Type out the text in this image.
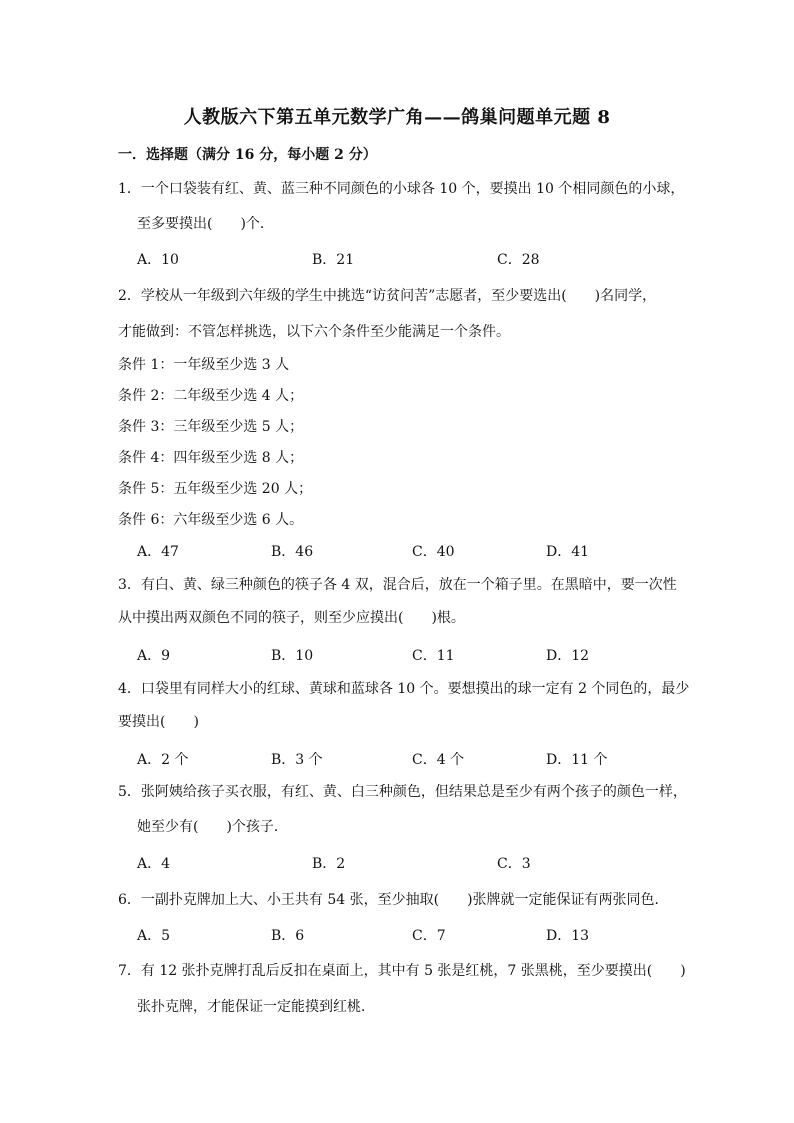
人教版六下第五单元数学广角——鸽巢问题单元题 8
一．选择题（满分 16 分，每小题 2 分）
1．一个口袋装有红、黄、蓝三种不同颜色的小球各 10 个，要摸出 10 个相同颜色的小球，
至多要摸出(　　)个．
A．10	B．21	C．28
2．学校从一年级到六年级的学生中挑选“访贫问苦”志愿者，至少要选出(　　)名同学，
才能做到：不管怎样挑选，以下六个条件至少能满足一个条件。
条件 1：一年级至少选 3 人
条件 2：二年级至少选 4 人；
条件 3：三年级至少选 5 人；
条件 4：四年级至少选 8 人；
条件 5：五年级至少选 20 人；
条件 6：六年级至少选 6 人。
A．47	B．46	C．40	D．41
3．有白、黄、绿三种颜色的筷子各 4 双，混合后，放在一个箱子里。在黑暗中，要一次性
从中摸出两双颜色不同的筷子，则至少应摸出(　　)根。
A．9	B．10	C．11	D．12
4．口袋里有同样大小的红球、黄球和蓝球各 10 个。要想摸出的球一定有 2 个同色的，最少
要摸出(　　)
A．2 个	B．3 个	C．4 个	D．11 个
5．张阿姨给孩子买衣服，有红、黄、白三种颜色，但结果总是至少有两个孩子的颜色一样，
她至少有(　　)个孩子．
A．4	B．2	C．3
6．一副扑克牌加上大、小王共有 54 张，至少抽取(　　)张牌就一定能保证有两张同色．
A．5	B．6	C．7	D．13
7．有 12 张扑克牌打乱后反扣在桌面上，其中有 5 张是红桃，7 张黑桃，至少要摸出(　　)
张扑克牌，才能保证一定能摸到红桃．
